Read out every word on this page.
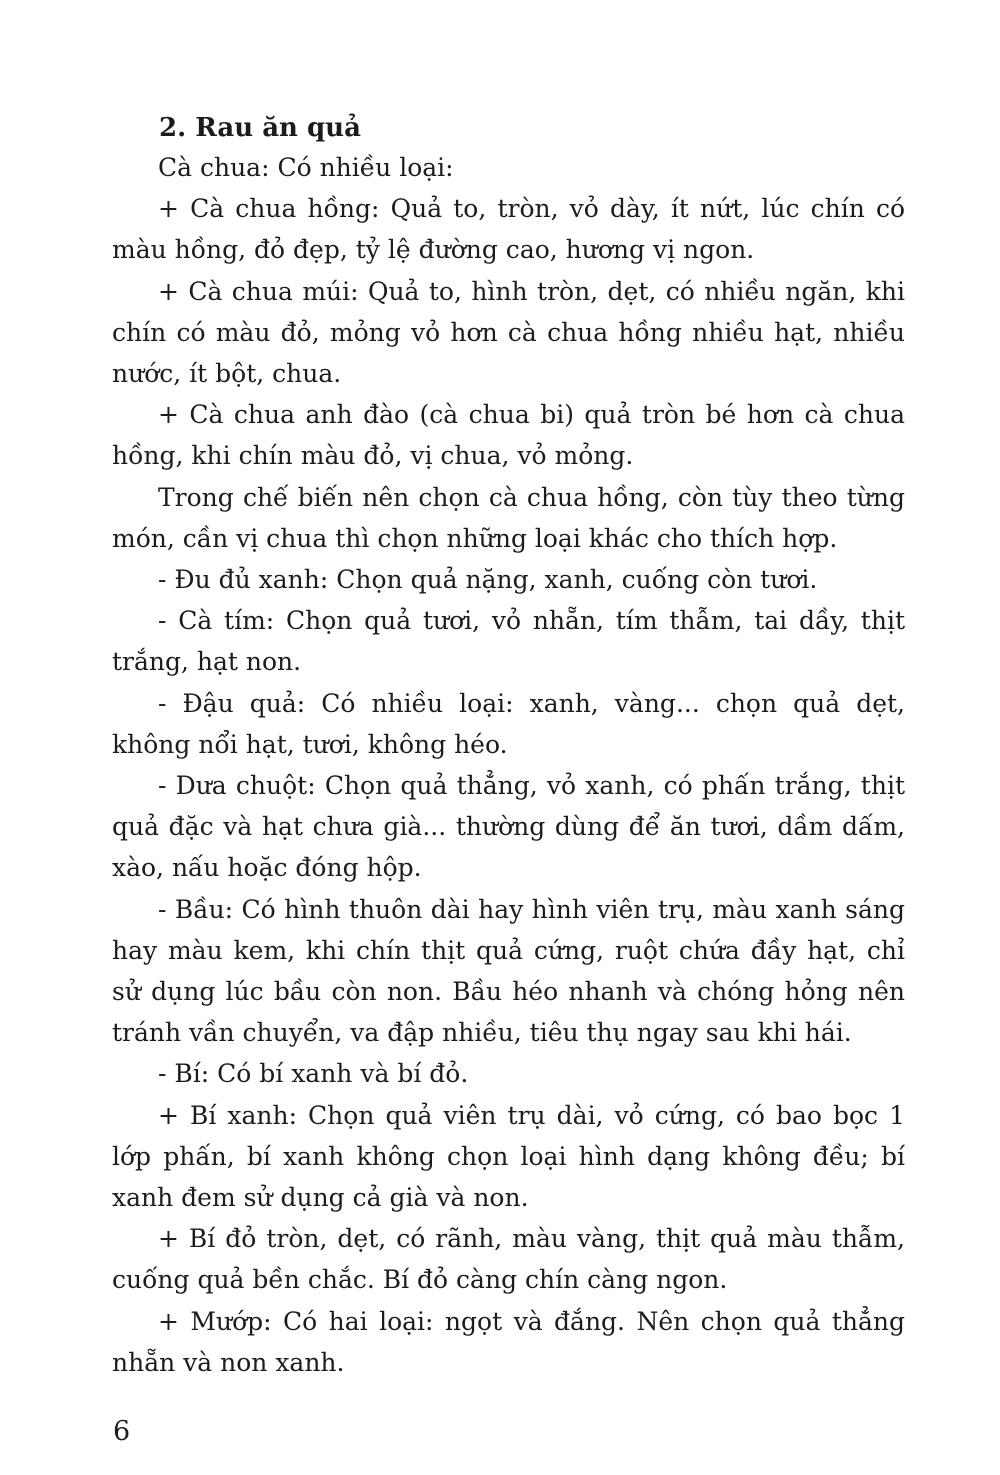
2. Rau ăn quả

Cà chua: Có nhiều loại:

+ Cà chua hồng: Quả to, tròn, vỏ dày, ít nứt, lúc chín có màu hồng, đỏ đẹp, tỷ lệ đường cao, hương vị ngon.

+ Cà chua múi: Quả to, hình tròn, dẹt, có nhiều ngăn, khi chín có màu đỏ, mỏng vỏ hơn cà chua hồng nhiều hạt, nhiều nước, ít bột, chua.

+ Cà chua anh đào (cà chua bi) quả tròn bé hơn cà chua hồng, khi chín màu đỏ, vị chua, vỏ mỏng.

Trong chế biến nên chọn cà chua hồng, còn tùy theo từng món, cần vị chua thì chọn những loại khác cho thích hợp.

- Đu đủ xanh: Chọn quả nặng, xanh, cuống còn tươi.

- Cà tím: Chọn quả tươi, vỏ nhẵn, tím thẫm, tai dầy, thịt trắng, hạt non.

- Đậu quả: Có nhiều loại: xanh, vàng... chọn quả dẹt, không nổi hạt, tươi, không héo.

- Dưa chuột: Chọn quả thẳng, vỏ xanh, có phấn trắng, thịt quả đặc và hạt chưa già... thường dùng để ăn tươi, dầm dấm, xào, nấu hoặc đóng hộp.

- Bầu: Có hình thuôn dài hay hình viên trụ, màu xanh sáng hay màu kem, khi chín thịt quả cứng, ruột chứa đầy hạt, chỉ sử dụng lúc bầu còn non. Bầu héo nhanh và chóng hỏng nên tránh vần chuyển, va đập nhiều, tiêu thụ ngay sau khi hái.

- Bí: Có bí xanh và bí đỏ.

+ Bí xanh: Chọn quả viên trụ dài, vỏ cứng, có bao bọc 1 lớp phấn, bí xanh không chọn loại hình dạng không đều; bí xanh đem sử dụng cả già và non.

+ Bí đỏ tròn, dẹt, có rãnh, màu vàng, thịt quả màu thẫm, cuống quả bền chắc. Bí đỏ càng chín càng ngon.

+ Mướp: Có hai loại: ngọt và đắng. Nên chọn quả thẳng nhẵn và non xanh.

6
